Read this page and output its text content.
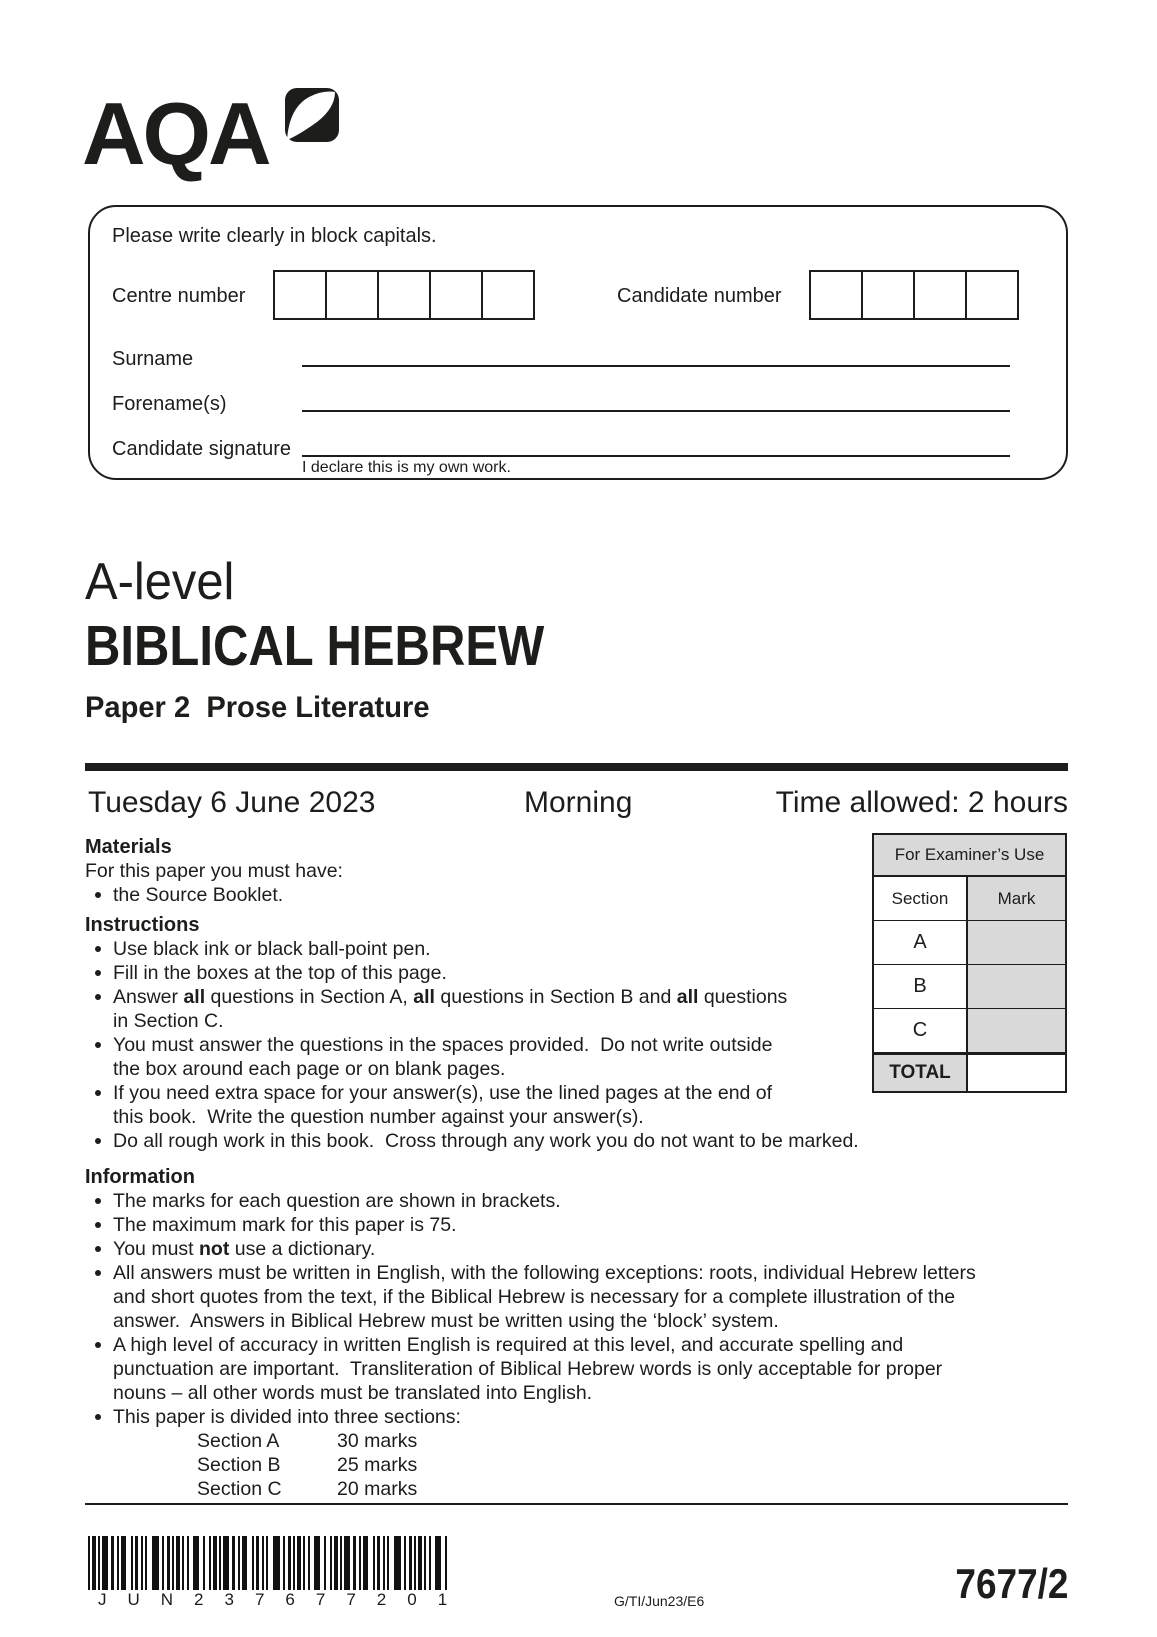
AQA
Please write clearly in block capitals.
Centre number	Candidate number
Surname
Forename(s)
Candidate signature
I declare this is my own work.
A-level
BIBLICAL HEBREW
Paper 2  Prose Literature
Tuesday 6 June 2023	Morning	Time allowed: 2 hours
Materials

For this paper you must have:

the Source Booklet.
Instructions
Use black ink or black ball-point pen.
Fill in the boxes at the top of this page.
Answer all questions in Section A, all questions in Section B and all questions
in Section C.
You must answer the questions in the spaces provided.  Do not write outside
the box around each page or on blank pages.
If you need extra space for your answer(s), use the lined pages at the end of
this book.  Write the question number against your answer(s).
Do all rough work in this book.  Cross through any work you do not want to be marked.
Information
The marks for each question are shown in brackets.
The maximum mark for this paper is 75.
You must not use a dictionary.
All answers must be written in English, with the following exceptions: roots, individual Hebrew letters
and short quotes from the text, if the Biblical Hebrew is necessary for a complete illustration of the
answer.  Answers in Biblical Hebrew must be written using the ‘block’ system.
A high level of accuracy in written English is required at this level, and accurate spelling and
punctuation are important.  Transliteration of Biblical Hebrew words is only acceptable for proper
nouns – all other words must be translated into English.
This paper is divided into three sections:
Section A	30 marks
Section B	25 marks
Section C	20 marks
For Examiner’s Use
Section	Mark
A
B
C
TOTAL
JUN237677201	G/TI/Jun23/E6	7677/2
